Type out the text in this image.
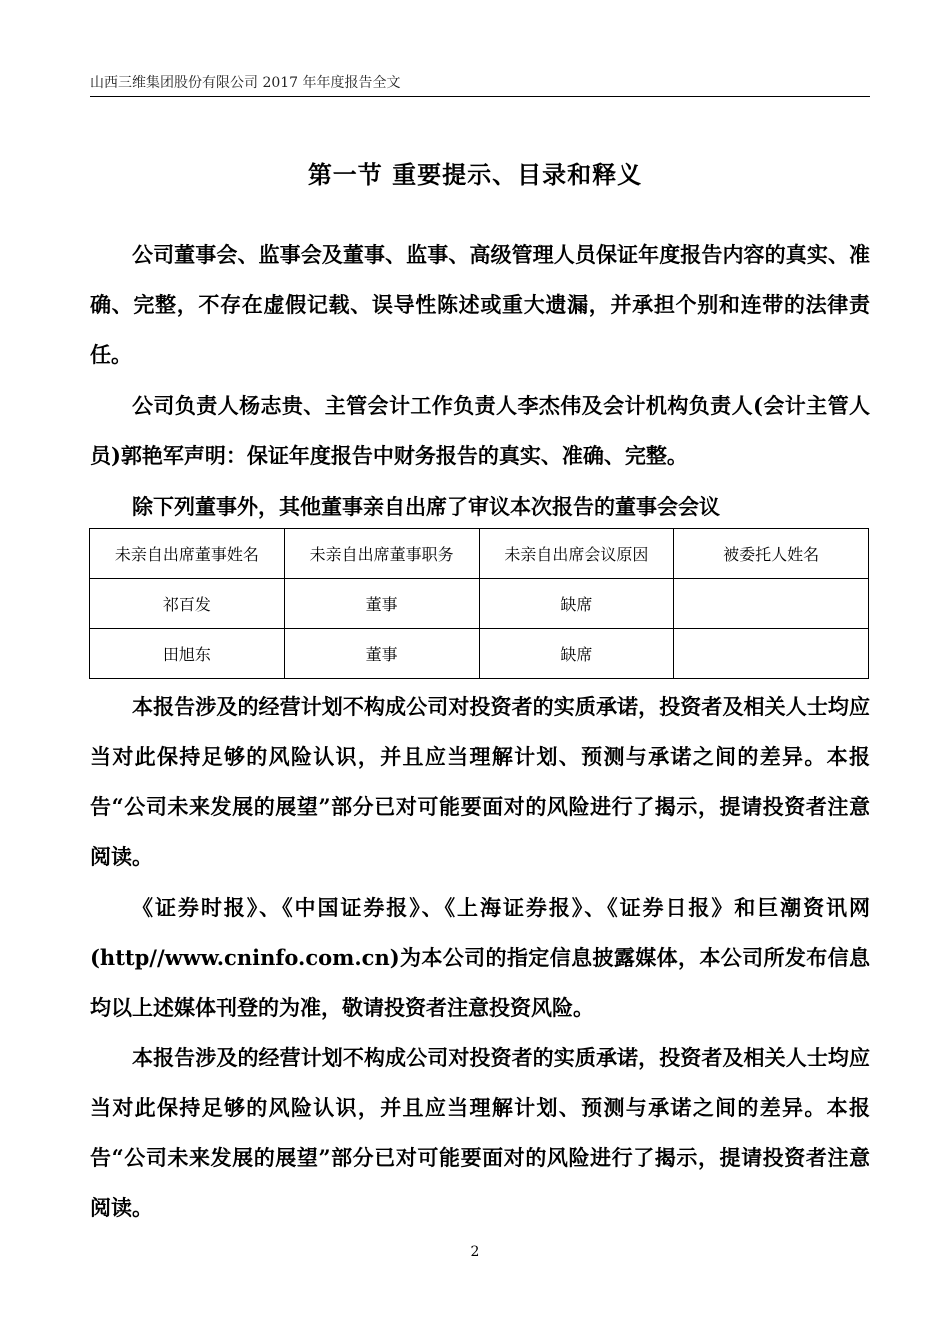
山西三维集团股份有限公司 2017 年年度报告全文
第一节 重要提示、目录和释义

公司董事会、监事会及董事、监事、高级管理人员保证年度报告内容的真实、准确、完整，不存在虚假记载、误导性陈述或重大遗漏，并承担个别和连带的法律责任。

公司负责人杨志贵、主管会计工作负责人李杰伟及会计机构负责人(会计主管人员)郭艳军声明：保证年度报告中财务报告的真实、准确、完整。

除下列董事外，其他董事亲自出席了审议本次报告的董事会会议

未亲自出席董事姓名	未亲自出席董事职务	未亲自出席会议原因	被委托人姓名
祁百发	董事	缺席	
田旭东	董事	缺席	

本报告涉及的经营计划不构成公司对投资者的实质承诺，投资者及相关人士均应当对此保持足够的风险认识，并且应当理解计划、预测与承诺之间的差异。本报告“公司未来发展的展望”部分已对可能要面对的风险进行了揭示，提请投资者注意阅读。

《证券时报》、《中国证券报》、《上海证券报》、《证券日报》和巨潮资讯网(http//www.cninfo.com.cn)为本公司的指定信息披露媒体，本公司所发布信息均以上述媒体刊登的为准，敬请投资者注意投资风险。

本报告涉及的经营计划不构成公司对投资者的实质承诺，投资者及相关人士均应当对此保持足够的风险认识，并且应当理解计划、预测与承诺之间的差异。本报告“公司未来发展的展望”部分已对可能要面对的风险进行了揭示，提请投资者注意阅读。

2
